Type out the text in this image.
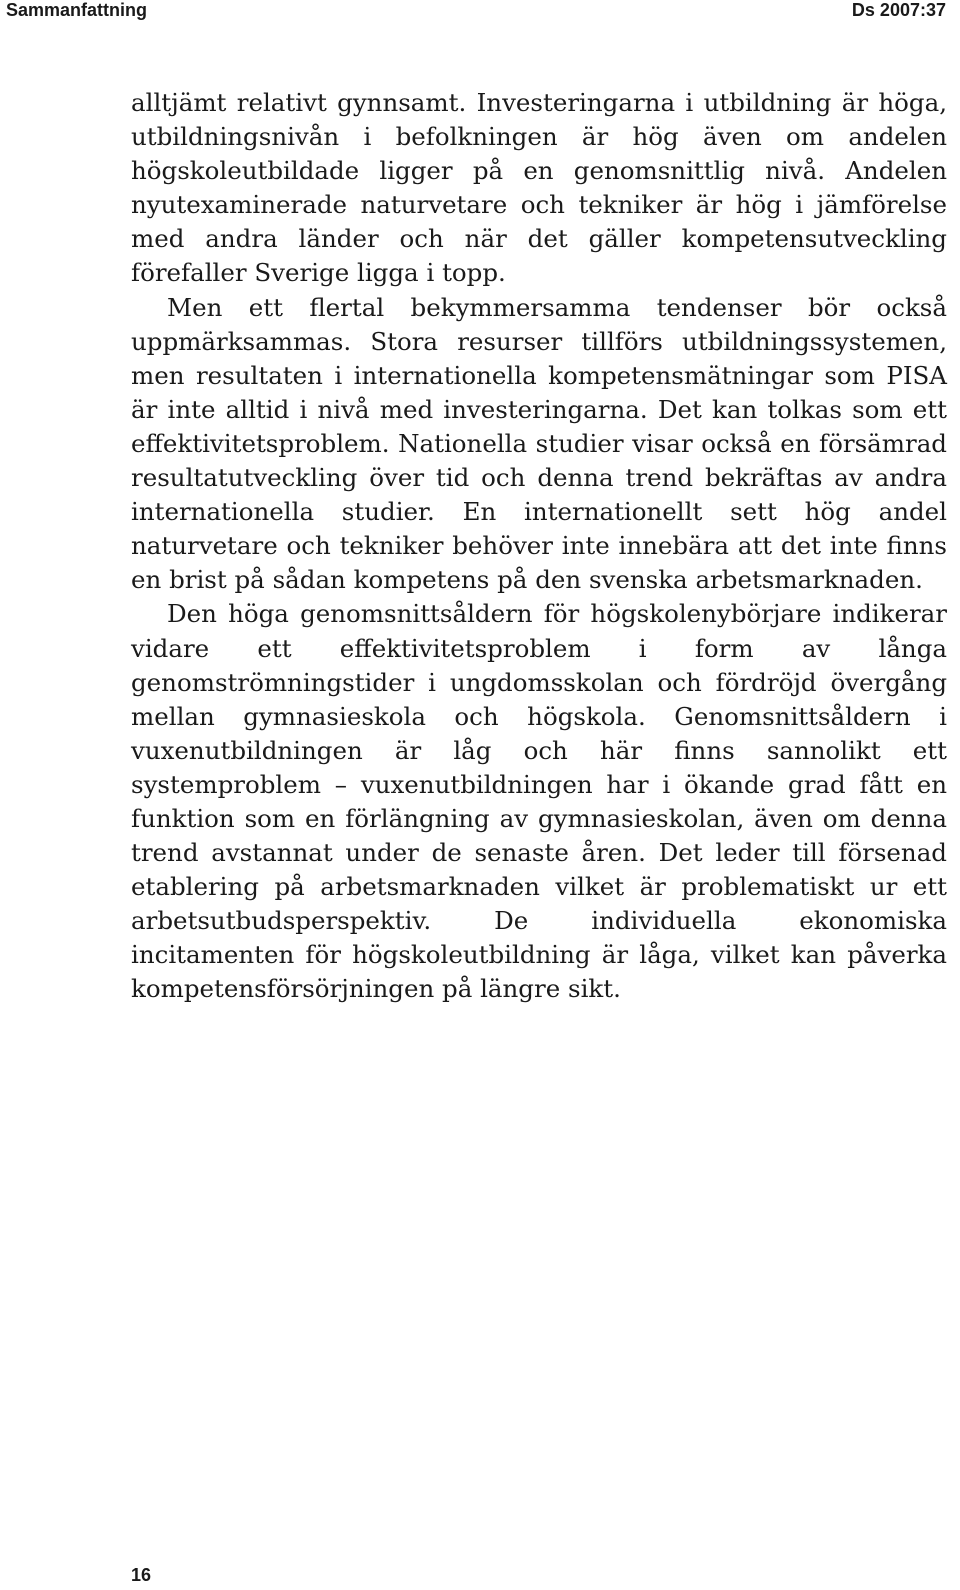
Sammanfattning	Ds 2007:37

alltjämt relativt gynnsamt. Investeringarna i utbildning är höga, utbildningsnivån i befolkningen är hög även om andelen högskoleutbildade ligger på en genomsnittlig nivå. Andelen nyutexaminerade naturvetare och tekniker är hög i jämförelse med andra länder och när det gäller kompetensutveckling förefaller Sverige ligga i topp.

Men ett flertal bekymmersamma tendenser bör också uppmärksammas. Stora resurser tillförs utbildningssystemen, men resultaten i internationella kompetensmätningar som PISA är inte alltid i nivå med investeringarna. Det kan tolkas som ett effektivitetsproblem. Nationella studier visar också en försämrad resultatutveckling över tid och denna trend bekräftas av andra internationella studier. En internationellt sett hög andel naturvetare och tekniker behöver inte innebära att det inte finns en brist på sådan kompetens på den svenska arbetsmarknaden.

Den höga genomsnittsåldern för högskolenybörjare indikerar vidare ett effektivitetsproblem i form av långa genomströmningstider i ungdomsskolan och fördröjd övergång mellan gymnasieskola och högskola. Genomsnittsåldern i vuxenutbildningen är låg och här finns sannolikt ett systemproblem – vuxenutbildningen har i ökande grad fått en funktion som en förlängning av gymnasieskolan, även om denna trend avstannat under de senaste åren. Det leder till försenad etablering på arbetsmarknaden vilket är problematiskt ur ett arbetsutbudsperspektiv. De individuella ekonomiska incitamenten för högskoleutbildning är låga, vilket kan påverka kompetensförsörjningen på längre sikt.

16
